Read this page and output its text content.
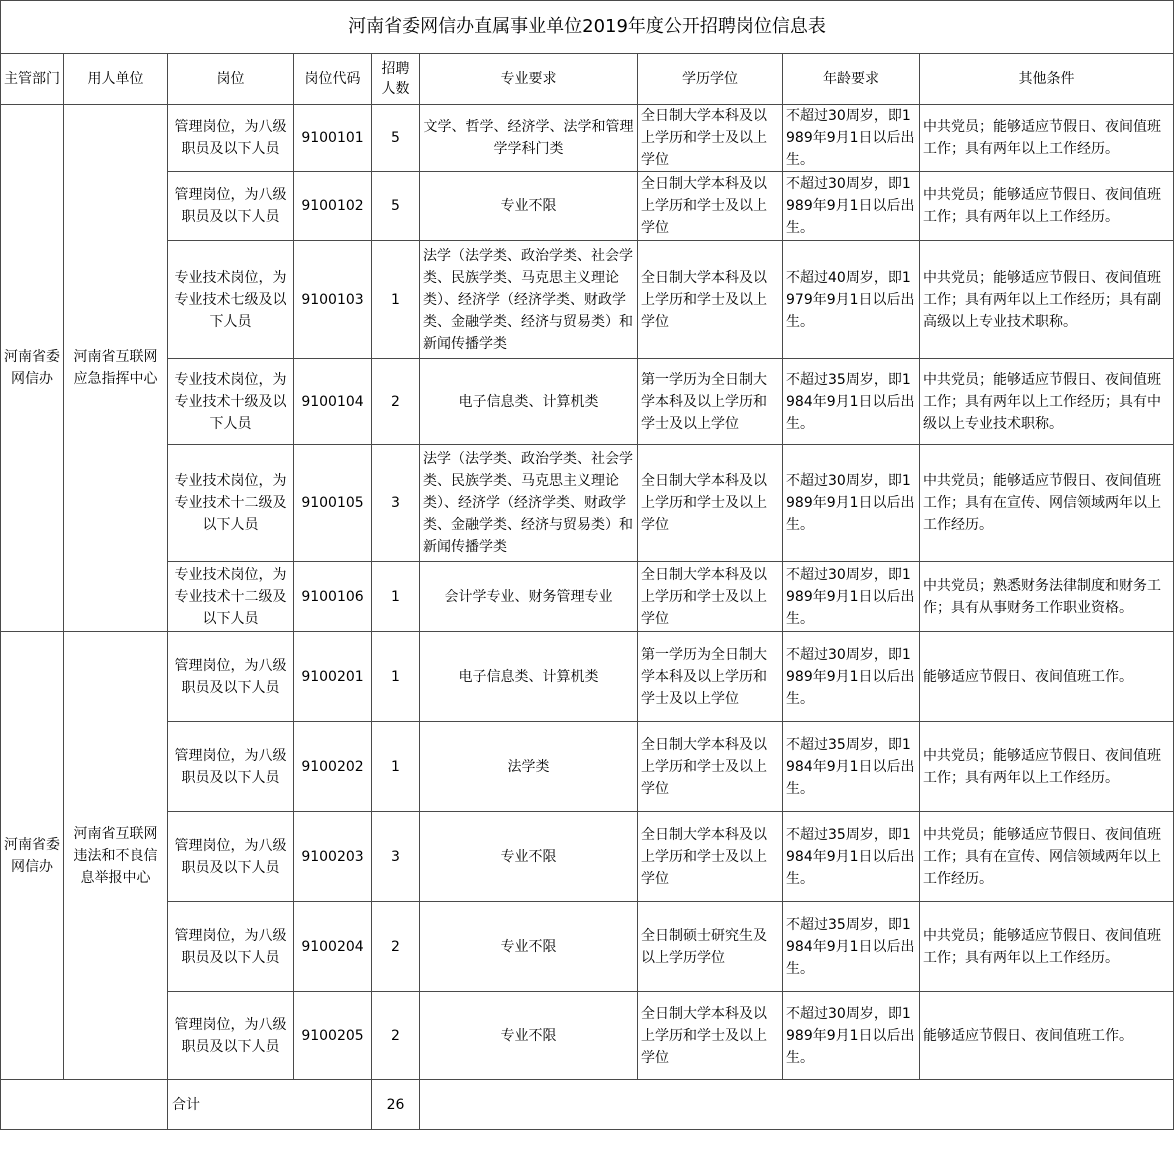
河南省委网信办直属事业单位2019年度公开招聘岗位信息表								
主管部门	用人单位	岗位	岗位代码	招聘人数	专业要求	学历学位	年龄要求	其他条件
河南省委网信办	河南省互联网应急指挥中心	管理岗位，为八级职员及以下人员	9100101	5	文学、哲学、经济学、法学和管理学学科门类	全日制大学本科及以上学历和学士及以上学位	不超过30周岁，即1989年9月1日以后出生。	中共党员；能够适应节假日、夜间值班工作；具有两年以上工作经历。
		管理岗位，为八级职员及以下人员	9100102	5	专业不限	全日制大学本科及以上学历和学士及以上学位	不超过30周岁，即1989年9月1日以后出生。	中共党员；能够适应节假日、夜间值班工作；具有两年以上工作经历。
		专业技术岗位，为专业技术七级及以下人员	9100103	1	法学（法学类、政治学类、社会学类、民族学类、马克思主义理论类）、经济学（经济学类、财政学类、金融学类、经济与贸易类）和新闻传播学类	全日制大学本科及以上学历和学士及以上学位	不超过40周岁，即1979年9月1日以后出生。	中共党员；能够适应节假日、夜间值班工作；具有两年以上工作经历；具有副高级以上专业技术职称。
		专业技术岗位，为专业技术十级及以下人员	9100104	2	电子信息类、计算机类	第一学历为全日制大学本科及以上学历和学士及以上学位	不超过35周岁，即1984年9月1日以后出生。	中共党员；能够适应节假日、夜间值班工作；具有两年以上工作经历；具有中级以上专业技术职称。
		专业技术岗位，为专业技术十二级及以下人员	9100105	3	法学（法学类、政治学类、社会学类、民族学类、马克思主义理论类）、经济学（经济学类、财政学类、金融学类、经济与贸易类）和新闻传播学类	全日制大学本科及以上学历和学士及以上学位	不超过30周岁，即1989年9月1日以后出生。	中共党员；能够适应节假日、夜间值班工作；具有在宣传、网信领域两年以上工作经历。
		专业技术岗位，为专业技术十二级及以下人员	9100106	1	会计学专业、财务管理专业	全日制大学本科及以上学历和学士及以上学位	不超过30周岁，即1989年9月1日以后出生。	中共党员；熟悉财务法律制度和财务工作；具有从事财务工作职业资格。
河南省委网信办	河南省互联网违法和不良信息举报中心	管理岗位，为八级职员及以下人员	9100201	1	电子信息类、计算机类	第一学历为全日制大学本科及以上学历和学士及以上学位	不超过30周岁，即1989年9月1日以后出生。	能够适应节假日、夜间值班工作。
		管理岗位，为八级职员及以下人员	9100202	1	法学类	全日制大学本科及以上学历和学士及以上学位	不超过35周岁，即1984年9月1日以后出生。	中共党员；能够适应节假日、夜间值班工作；具有两年以上工作经历。
		管理岗位，为八级职员及以下人员	9100203	3	专业不限	全日制大学本科及以上学历和学士及以上学位	不超过35周岁，即1984年9月1日以后出生。	中共党员；能够适应节假日、夜间值班工作；具有在宣传、网信领域两年以上工作经历。
		管理岗位，为八级职员及以下人员	9100204	2	专业不限	全日制硕士研究生及以上学历学位	不超过35周岁，即1984年9月1日以后出生。	中共党员；能够适应节假日、夜间值班工作；具有两年以上工作经历。
		管理岗位，为八级职员及以下人员	9100205	2	专业不限	全日制大学本科及以上学历和学士及以上学位	不超过30周岁，即1989年9月1日以后出生。	能够适应节假日、夜间值班工作。
		合计		26				
